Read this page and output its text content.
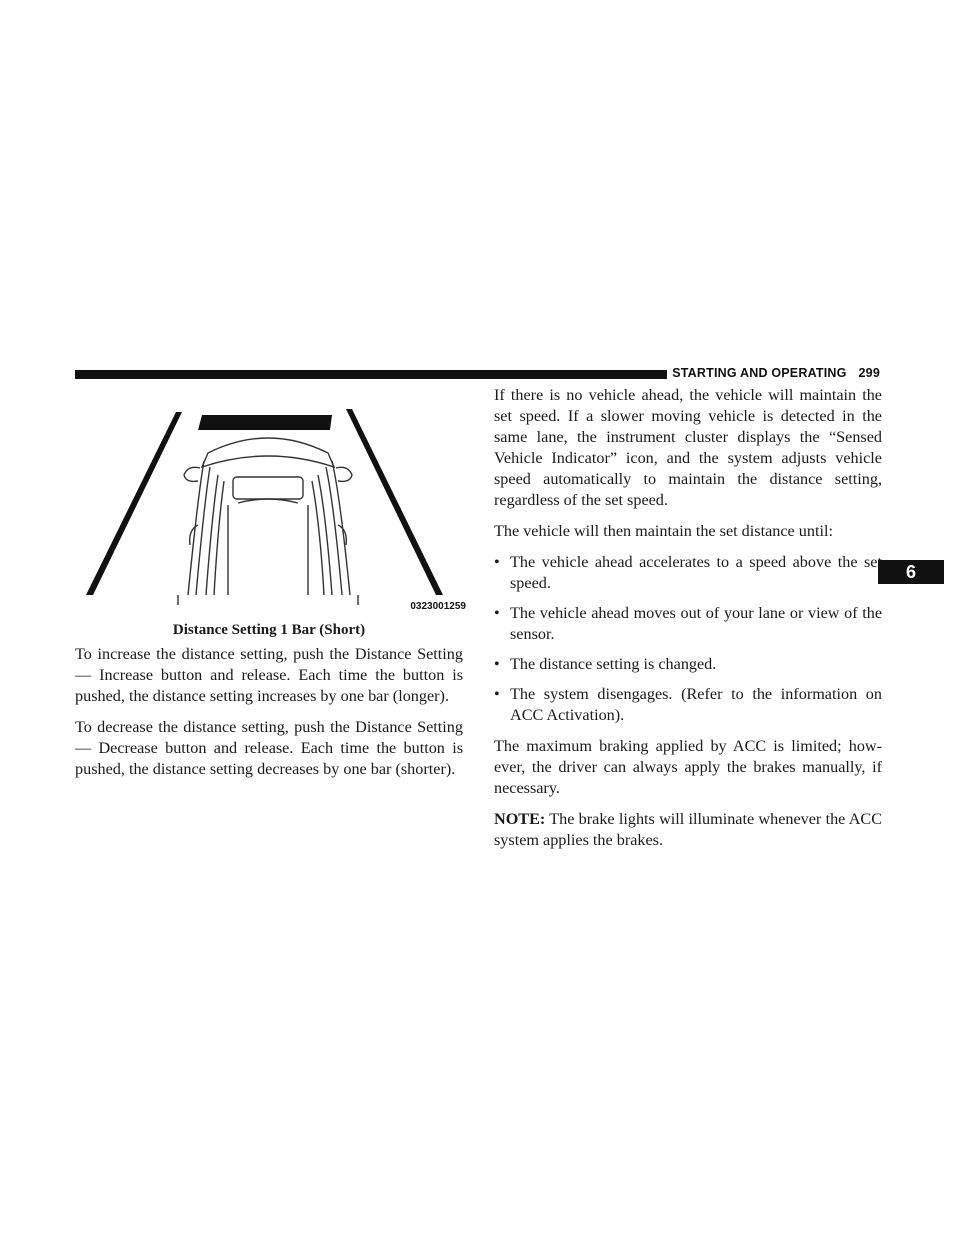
STARTING AND OPERATING 299
6
0323001259
Distance Setting 1 Bar (Short)

To increase the distance setting, push the Distance Setting — Increase button and release. Each time the button is pushed, the distance setting increases by one bar (longer).

To decrease the distance setting, push the Distance Setting — Decrease button and release. Each time the button is pushed, the distance setting decreases by one bar (shorter).

If there is no vehicle ahead, the vehicle will maintain the set speed. If a slower moving vehicle is detected in the same lane, the instrument cluster displays the “Sensed Vehicle Indicator” icon, and the system adjusts vehicle speed automatically to maintain the distance setting, regardless of the set speed.

The vehicle will then maintain the set distance until:

• The vehicle ahead accelerates to a speed above the set speed.
• The vehicle ahead moves out of your lane or view of the sensor.
• The distance setting is changed.
• The system disengages. (Refer to the information on ACC Activation).

The maximum braking applied by ACC is limited; however, the driver can always apply the brakes manually, if necessary.

NOTE: The brake lights will illuminate whenever the ACC system applies the brakes.
